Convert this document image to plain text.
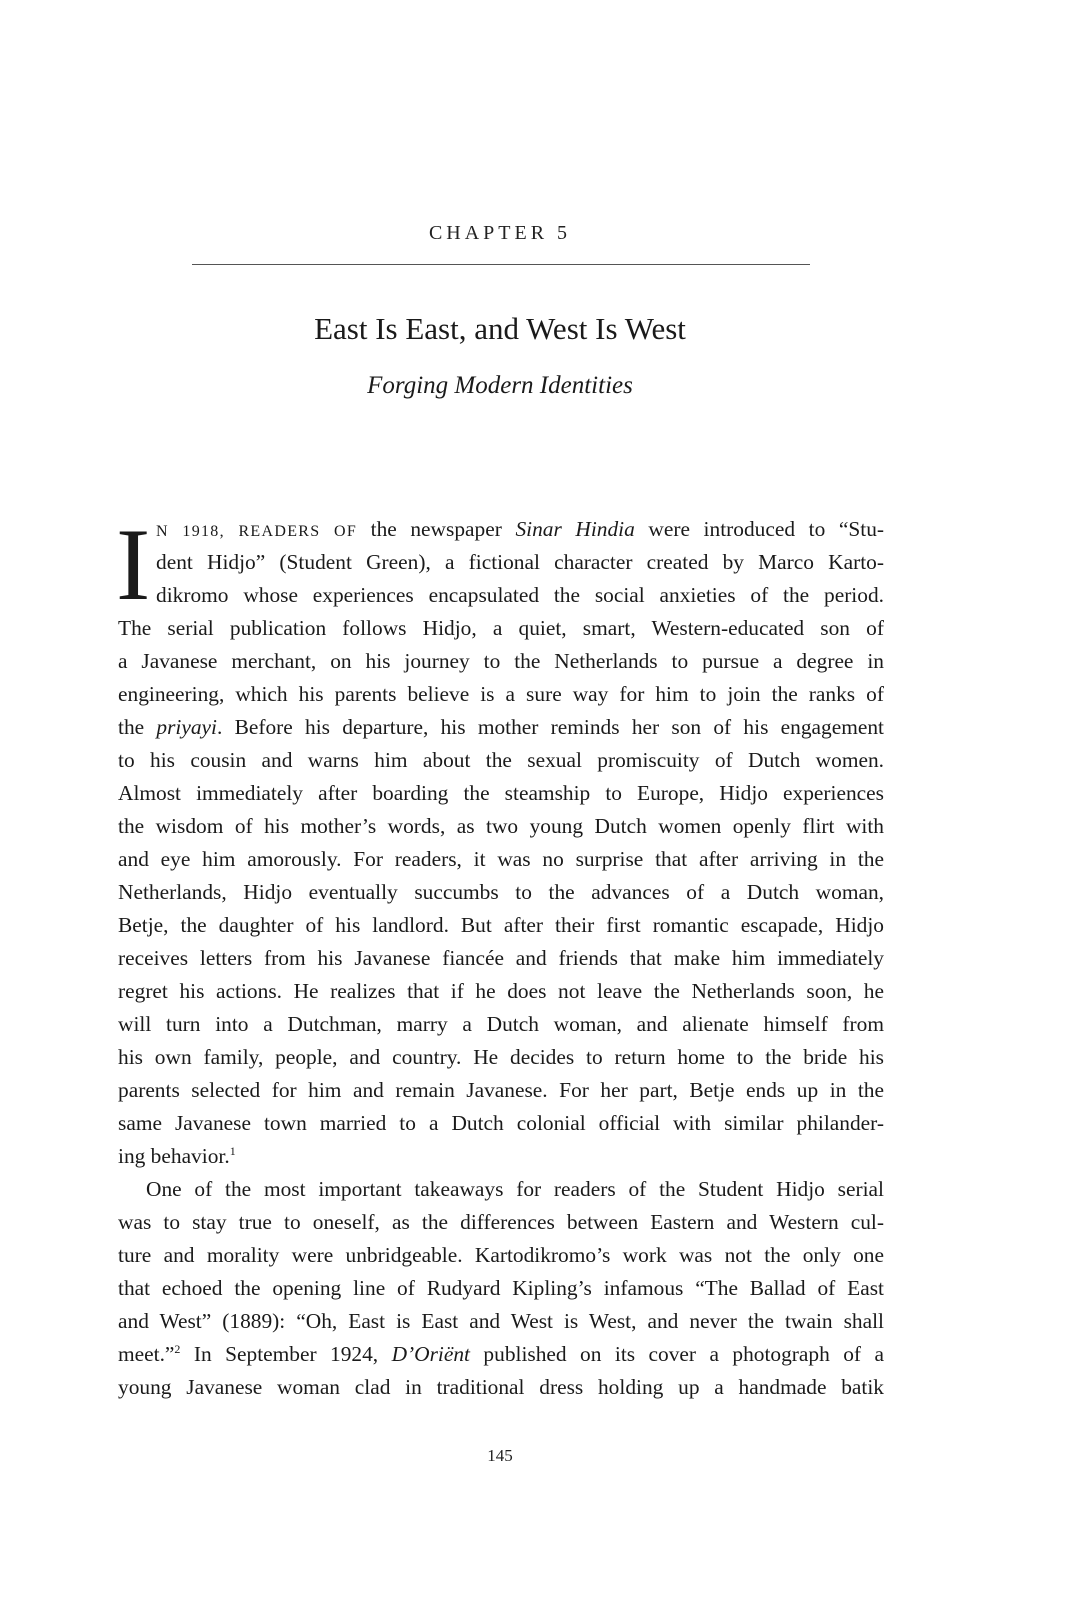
CHAPTER 5
East Is East, and West Is West
Forging Modern Identities
I N 1918, READERS OF the newspaper Sinar Hindia were introduced to “Stu-
dent Hidjo” (Student Green), a fictional character created by Marco Karto-
dikromo whose experiences encapsulated the social anxieties of the period.
The serial publication follows Hidjo, a quiet, smart, Western-educated son of
a Javanese merchant, on his journey to the Netherlands to pursue a degree in
engineering, which his parents believe is a sure way for him to join the ranks of
the priyayi. Before his departure, his mother reminds her son of his engagement
to his cousin and warns him about the sexual promiscuity of Dutch women.
Almost immediately after boarding the steamship to Europe, Hidjo experiences
the wisdom of his mother’s words, as two young Dutch women openly flirt with
and eye him amorously. For readers, it was no surprise that after arriving in the
Netherlands, Hidjo eventually succumbs to the advances of a Dutch woman,
Betje, the daughter of his landlord. But after their first romantic escapade, Hidjo
receives letters from his Javanese fiancée and friends that make him immediately
regret his actions. He realizes that if he does not leave the Netherlands soon, he
will turn into a Dutchman, marry a Dutch woman, and alienate himself from
his own family, people, and country. He decides to return home to the bride his
parents selected for him and remain Javanese. For her part, Betje ends up in the
same Javanese town married to a Dutch colonial official with similar philander-
ing behavior.$^1$
One of the most important takeaways for readers of the Student Hidjo serial
was to stay true to oneself, as the differences between Eastern and Western cul-
ture and morality were unbridgeable. Kartodikromo’s work was not the only one
that echoed the opening line of Rudyard Kipling’s infamous “The Ballad of East
and West” (1889): “Oh, East is East and West is West, and never the twain shall
meet.”$^2$ In September 1924, D’Oriënt published on its cover a photograph of a
young Javanese woman clad in traditional dress holding up a handmade batik
145
